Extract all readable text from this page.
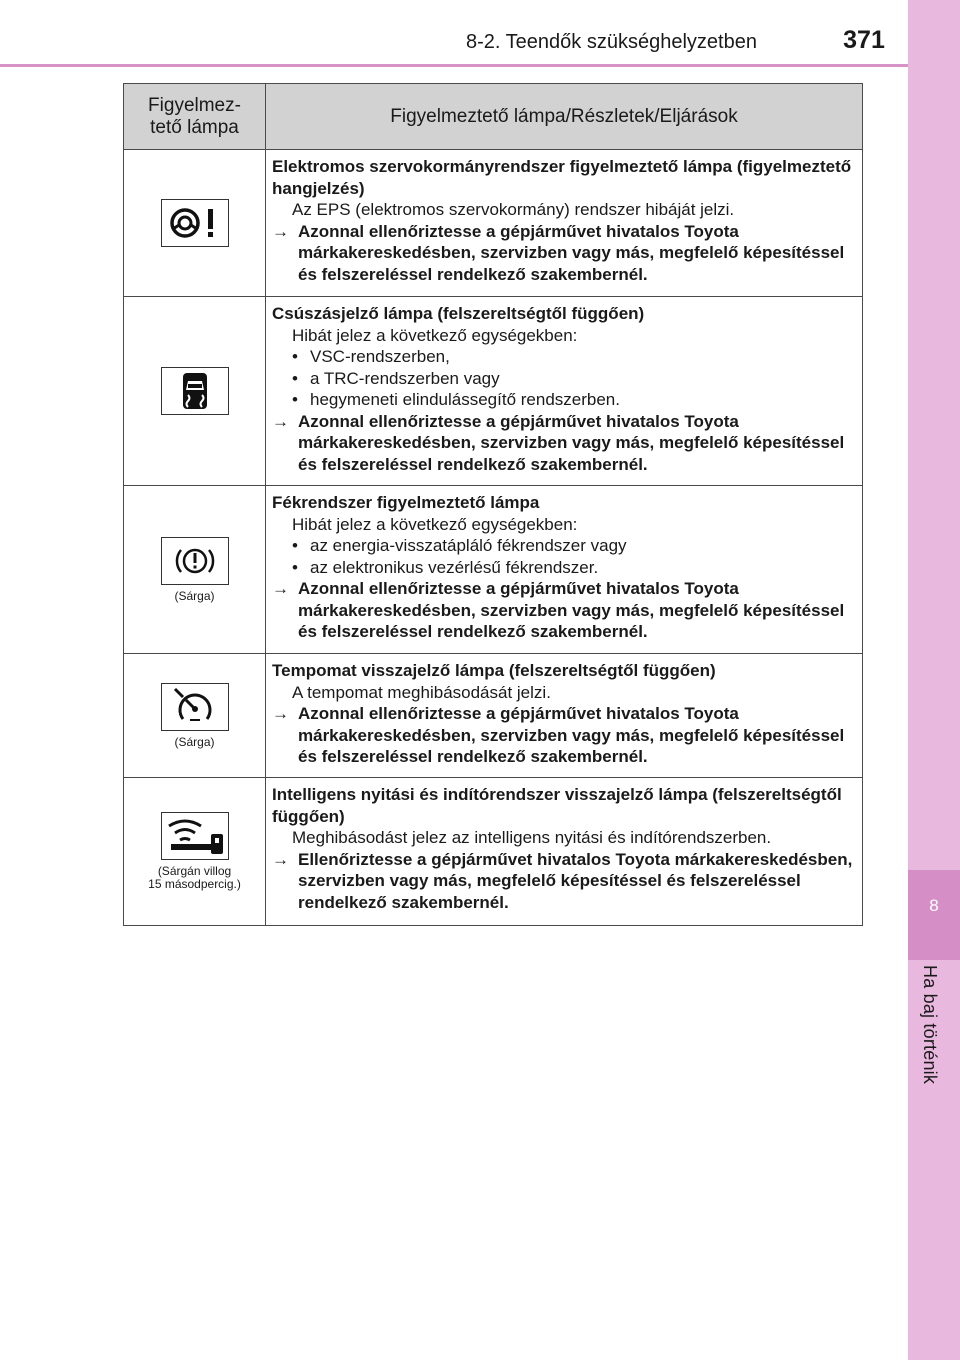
8-2. Teendők szükséghelyzetben	371
8
Ha baj történik
Figyelmez-
tető lámpa
Figyelmeztető lámpa/Részletek/Eljárások
Elektromos szervokormányrendszer figyelmeztető lámpa (figyelmeztető hangjelzés)
Az EPS (elektromos szervokormány) rendszer hibáját jelzi.
→ Azonnal ellenőriztesse a gépjárművet hivatalos Toyota márkakereskedésben, szervizben vagy más, megfelelő képesítéssel és felszereléssel rendelkező szakembernél.
Csúszásjelző lámpa (felszereltségtől függően)
Hibát jelez a következő egységekben:
• VSC-rendszerben,
• a TRC-rendszerben vagy
• hegymeneti elindulássegítő rendszerben.
→ Azonnal ellenőriztesse a gépjárművet hivatalos Toyota márkakereskedésben, szervizben vagy más, megfelelő képesítéssel és felszereléssel rendelkező szakembernél.
(Sárga)
Fékrendszer figyelmeztető lámpa
Hibát jelez a következő egységekben:
• az energia-visszatápláló fékrendszer vagy
• az elektronikus vezérlésű fékrendszer.
→ Azonnal ellenőriztesse a gépjárművet hivatalos Toyota márkakereskedésben, szervizben vagy más, megfelelő képesítéssel és felszereléssel rendelkező szakembernél.
(Sárga)
Tempomat visszajelző lámpa (felszereltségtől függően)
A tempomat meghibásodását jelzi.
→ Azonnal ellenőriztesse a gépjárművet hivatalos Toyota márkakereskedésben, szervizben vagy más, megfelelő képesítéssel és felszereléssel rendelkező szakembernél.
(Sárgán villog
15 másodpercig.)
Intelligens nyitási és indítórendszer visszajelző lámpa (felszereltségtől függően)
Meghibásodást jelez az intelligens nyitási és indítórendszerben.
→ Ellenőriztesse a gépjárművet hivatalos Toyota márkakereskedésben, szervizben vagy más, megfelelő képesítéssel és felszereléssel rendelkező szakembernél.
